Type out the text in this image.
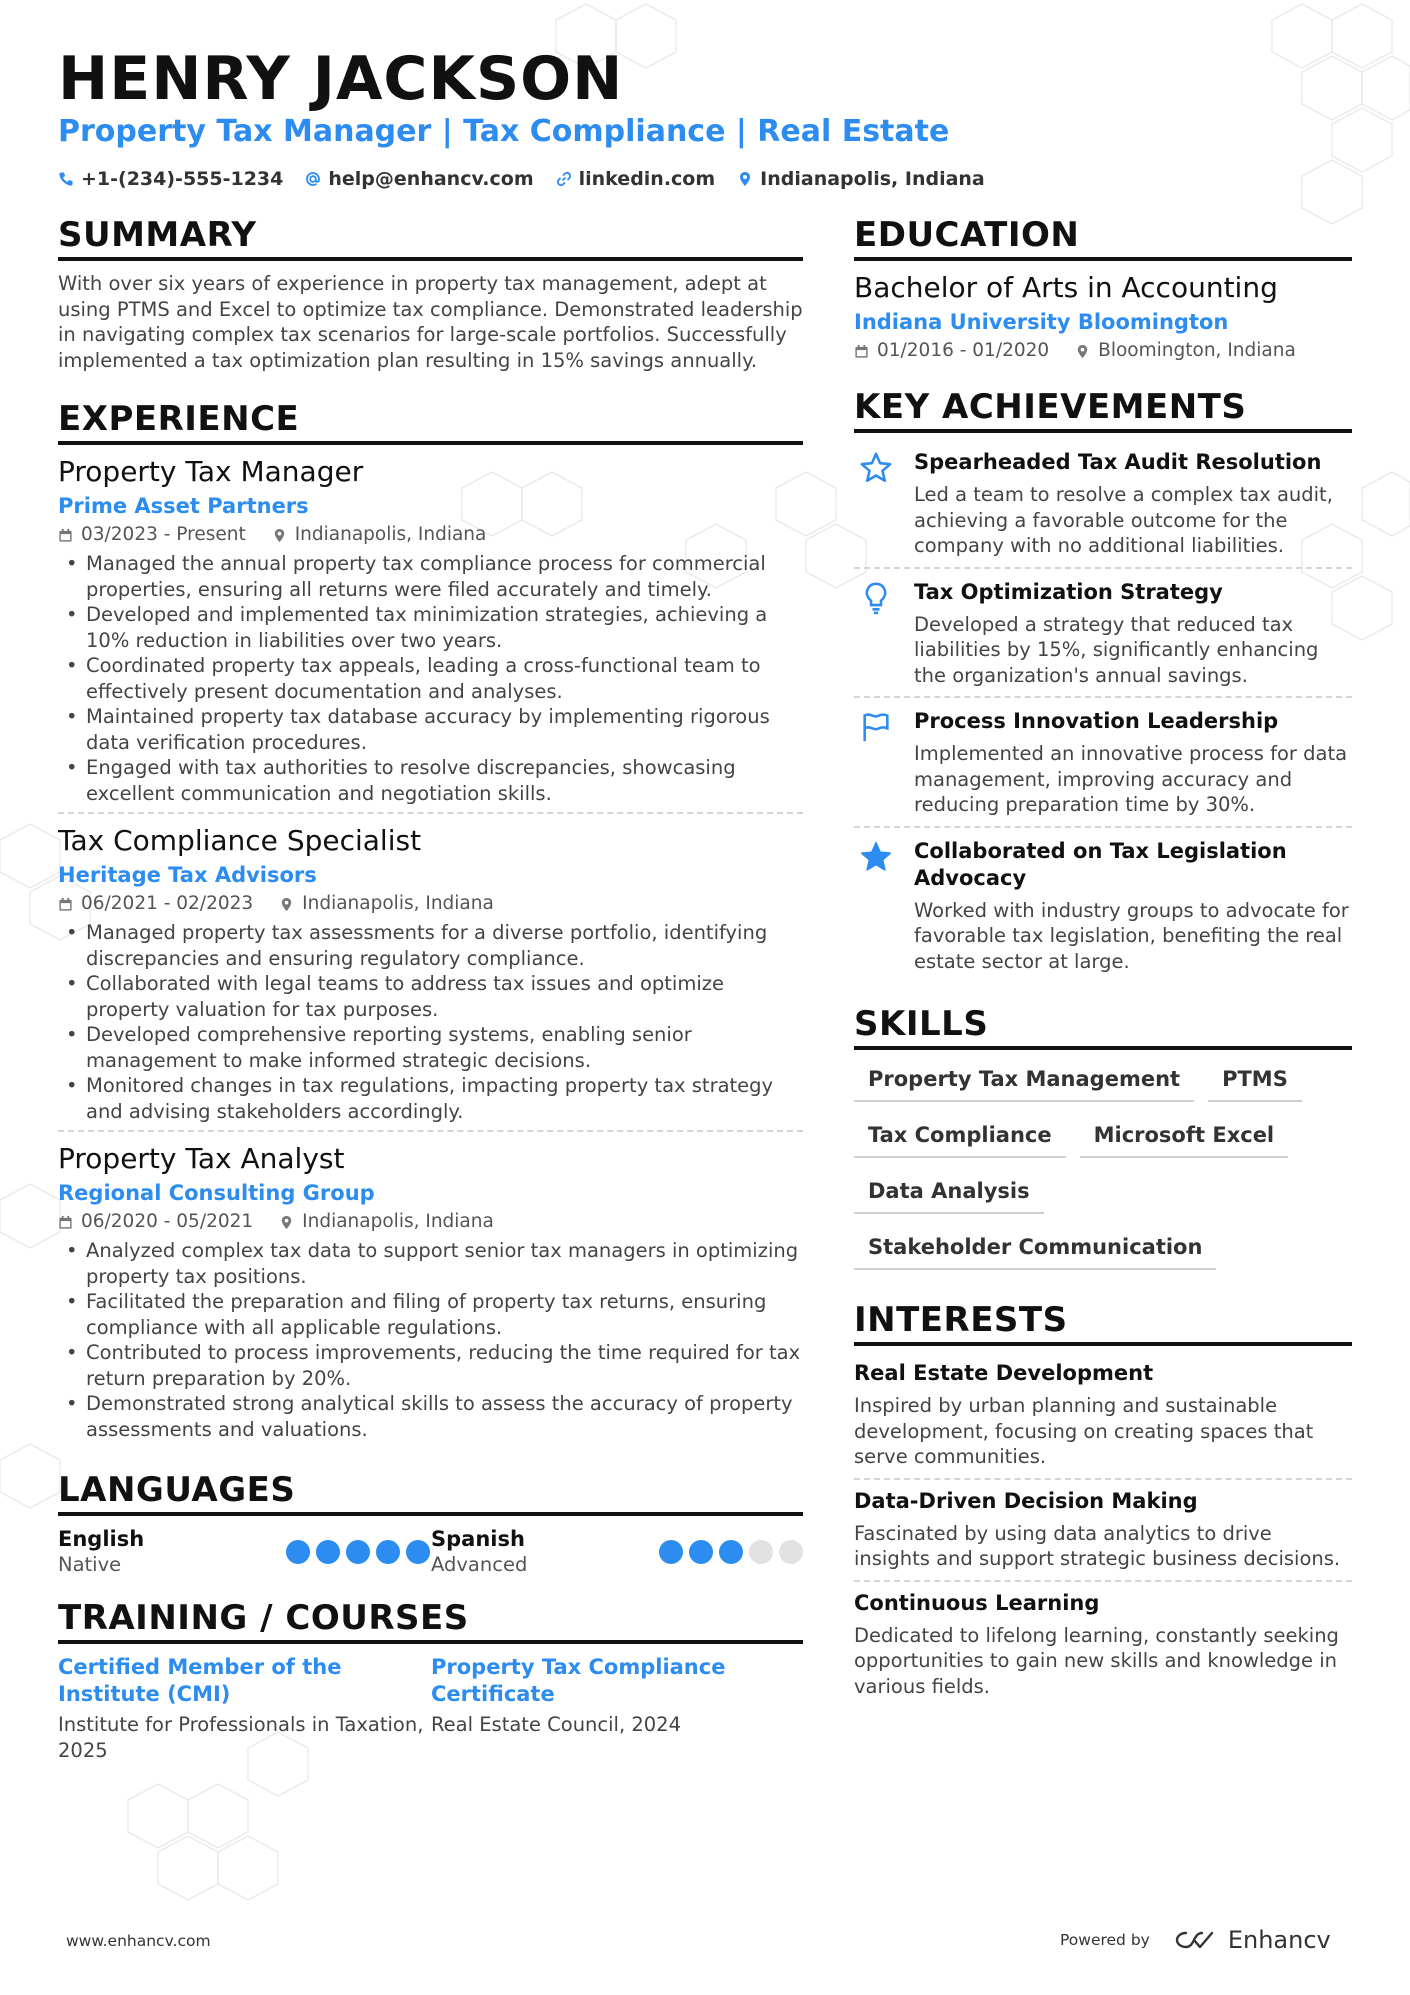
HENRY JACKSON
Property Tax Manager | Tax Compliance | Real Estate
+1-(234)-555-1234 help@enhancv.com linkedin.com Indianapolis, Indiana
SUMMARY
With over six years of experience in property tax management, adept at using PTMS and Excel to optimize tax compliance. Demonstrated leadership in navigating complex tax scenarios for large-scale portfolios. Successfully implemented a tax optimization plan resulting in 15% savings annually.
EXPERIENCE
Property Tax Manager
Prime Asset Partners
03/2023 - Present	Indianapolis, Indiana
• Managed the annual property tax compliance process for commercial properties, ensuring all returns were filed accurately and timely.
• Developed and implemented tax minimization strategies, achieving a 10% reduction in liabilities over two years.
• Coordinated property tax appeals, leading a cross-functional team to effectively present documentation and analyses.
• Maintained property tax database accuracy by implementing rigorous data verification procedures.
• Engaged with tax authorities to resolve discrepancies, showcasing excellent communication and negotiation skills.
Tax Compliance Specialist
Heritage Tax Advisors
06/2021 - 02/2023	Indianapolis, Indiana
• Managed property tax assessments for a diverse portfolio, identifying discrepancies and ensuring regulatory compliance.
• Collaborated with legal teams to address tax issues and optimize property valuation for tax purposes.
• Developed comprehensive reporting systems, enabling senior management to make informed strategic decisions.
• Monitored changes in tax regulations, impacting property tax strategy and advising stakeholders accordingly.
Property Tax Analyst
Regional Consulting Group
06/2020 - 05/2021	Indianapolis, Indiana
• Analyzed complex tax data to support senior tax managers in optimizing property tax positions.
• Facilitated the preparation and filing of property tax returns, ensuring compliance with all applicable regulations.
• Contributed to process improvements, reducing the time required for tax return preparation by 20%.
• Demonstrated strong analytical skills to assess the accuracy of property assessments and valuations.
LANGUAGES
English
Native
Spanish
Advanced
TRAINING / COURSES
Certified Member of the Institute (CMI)
Institute for Professionals in Taxation, 2025
Property Tax Compliance Certificate
Real Estate Council, 2024
EDUCATION
Bachelor of Arts in Accounting
Indiana University Bloomington
01/2016 - 01/2020	Bloomington, Indiana
KEY ACHIEVEMENTS
Spearheaded Tax Audit Resolution
Led a team to resolve a complex tax audit, achieving a favorable outcome for the company with no additional liabilities.
Tax Optimization Strategy
Developed a strategy that reduced tax liabilities by 15%, significantly enhancing the organization's annual savings.
Process Innovation Leadership
Implemented an innovative process for data management, improving accuracy and reducing preparation time by 30%.
Collaborated on Tax Legislation Advocacy
Worked with industry groups to advocate for favorable tax legislation, benefiting the real estate sector at large.
SKILLS
Property Tax Management	PTMS
Tax Compliance	Microsoft Excel
Data Analysis
Stakeholder Communication
INTERESTS
Real Estate Development
Inspired by urban planning and sustainable development, focusing on creating spaces that serve communities.
Data-Driven Decision Making
Fascinated by using data analytics to drive insights and support strategic business decisions.
Continuous Learning
Dedicated to lifelong learning, constantly seeking opportunities to gain new skills and knowledge in various fields.
www.enhancv.com	Powered by	Enhancv
